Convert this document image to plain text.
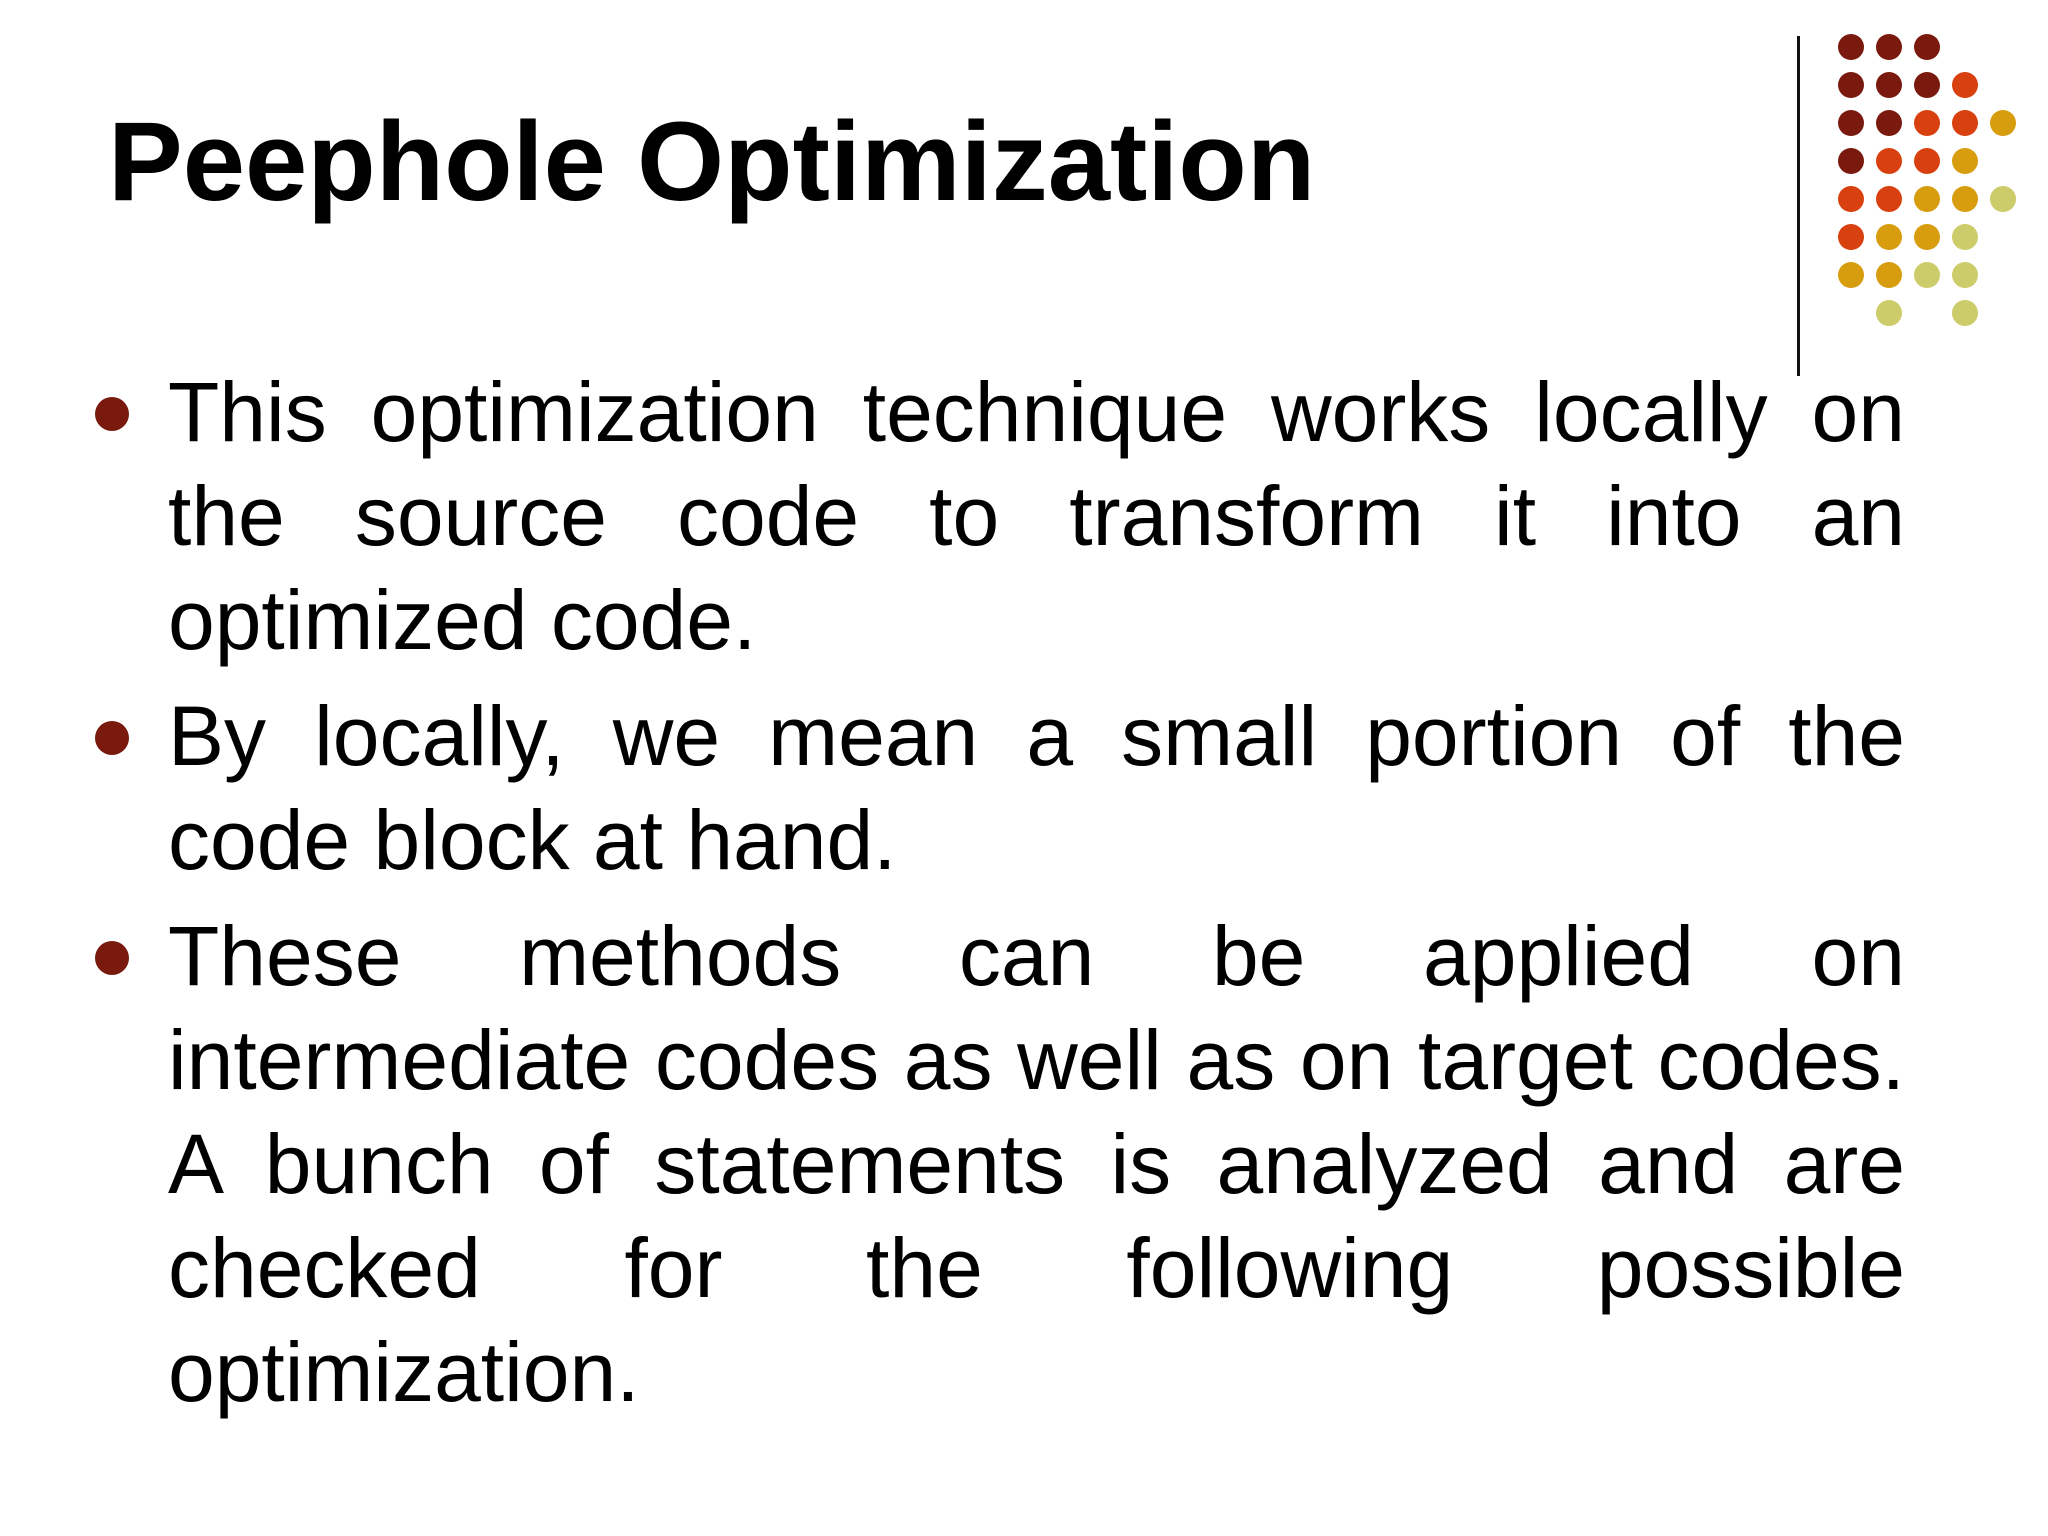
Peephole Optimization
This optimization technique works locally on the source code to transform it into an optimized code.
By locally, we mean a small portion of the code block at hand.
These methods can be applied on intermediate codes as well as on target codes. A bunch of statements is analyzed and are checked for the following possible optimization.
